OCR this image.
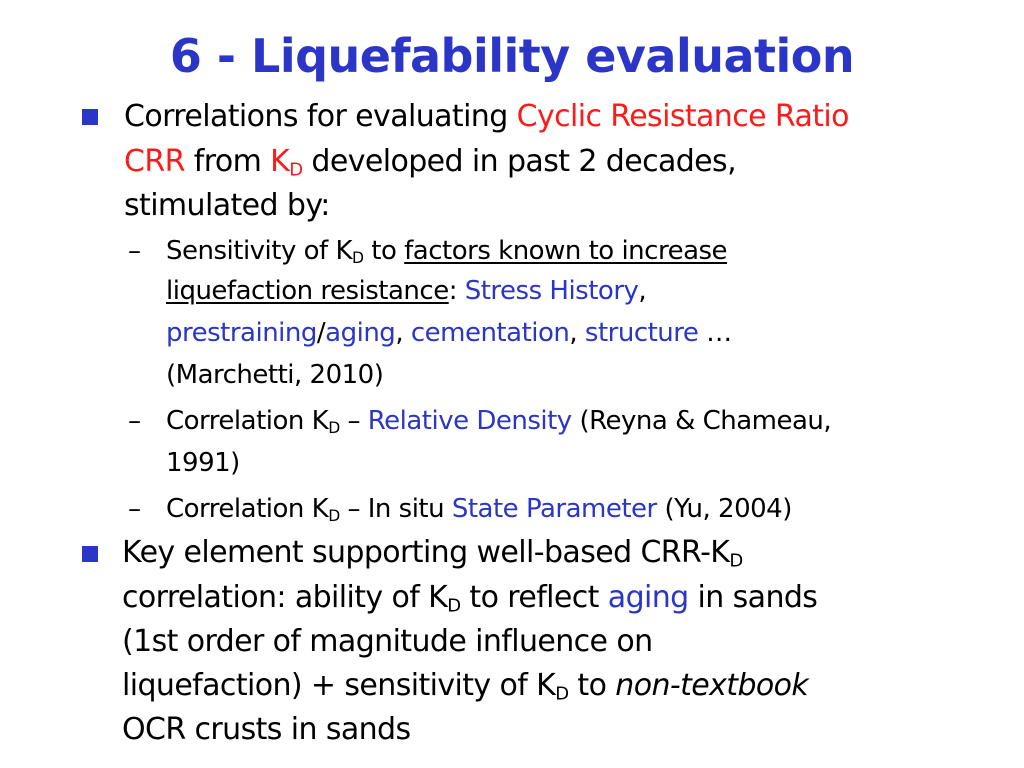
6 - Liquefability evaluation
Correlations for evaluating Cyclic Resistance Ratio
CRR from $K_D$ developed in past 2 decades,
stimulated by:
– Sensitivity of $K_D$ to factors known to increase
liquefaction resistance: Stress History,
prestraining/aging, cementation, structure …
(Marchetti, 2010)
– Correlation $K_D$ – Relative Density (Reyna & Chameau,
1991)
– Correlation $K_D$ – In situ State Parameter (Yu, 2004)
Key element supporting well-based CRR-$K_D$
correlation: ability of $K_D$ to reflect aging in sands
(1st order of magnitude influence on
liquefaction) + sensitivity of $K_D$ to non-textbook
OCR crusts in sands
